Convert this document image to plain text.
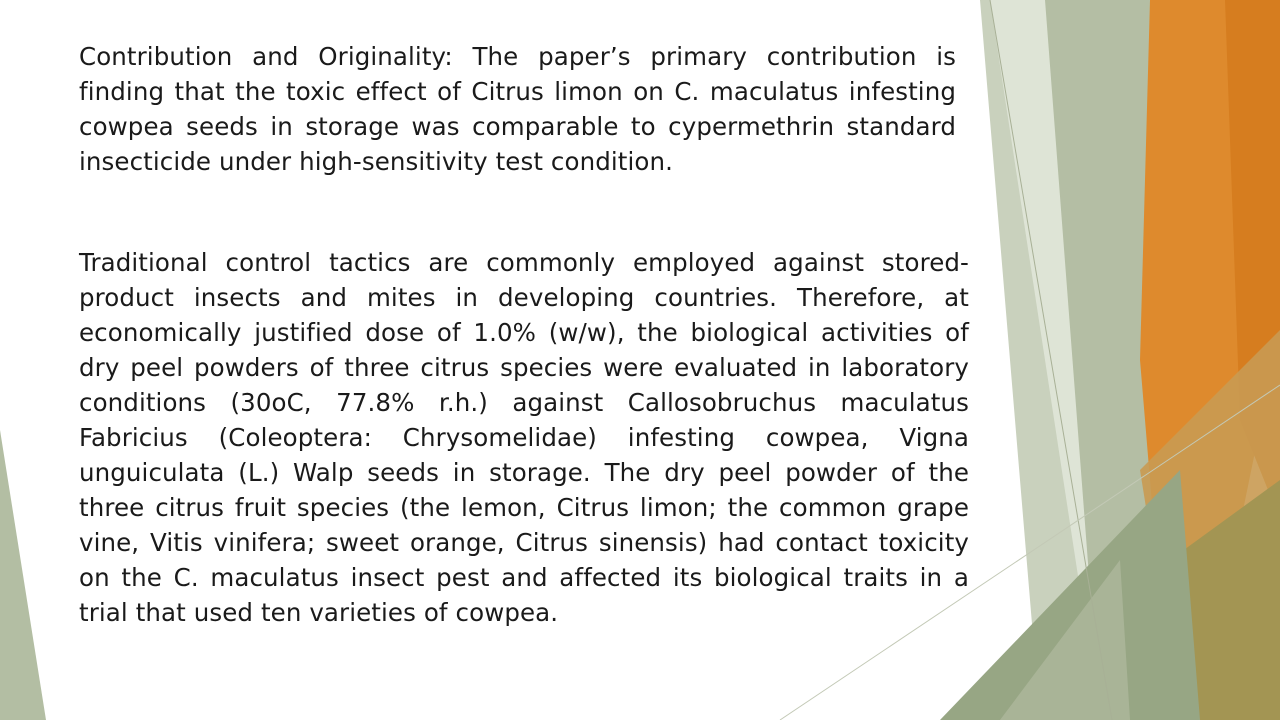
Contribution and Originality: The paper’s primary contribution is finding that the toxic effect of Citrus limon on C. maculatus infesting cowpea seeds in storage was comparable to cypermethrin standard insecticide under high-sensitivity test condition.

Traditional control tactics are commonly employed against stored-product insects and mites in developing countries. Therefore, at economically justified dose of 1.0% (w/w), the biological activities of dry peel powders of three citrus species were evaluated in laboratory conditions (30oC, 77.8% r.h.) against Callosobruchus maculatus Fabricius (Coleoptera: Chrysomelidae) infesting cowpea, Vigna unguiculata (L.) Walp seeds in storage. The dry peel powder of the three citrus fruit species (the lemon, Citrus limon; the common grape vine, Vitis vinifera; sweet orange, Citrus sinensis) had contact toxicity on the C. maculatus insect pest and affected its biological traits in a trial that used ten varieties of cowpea.
